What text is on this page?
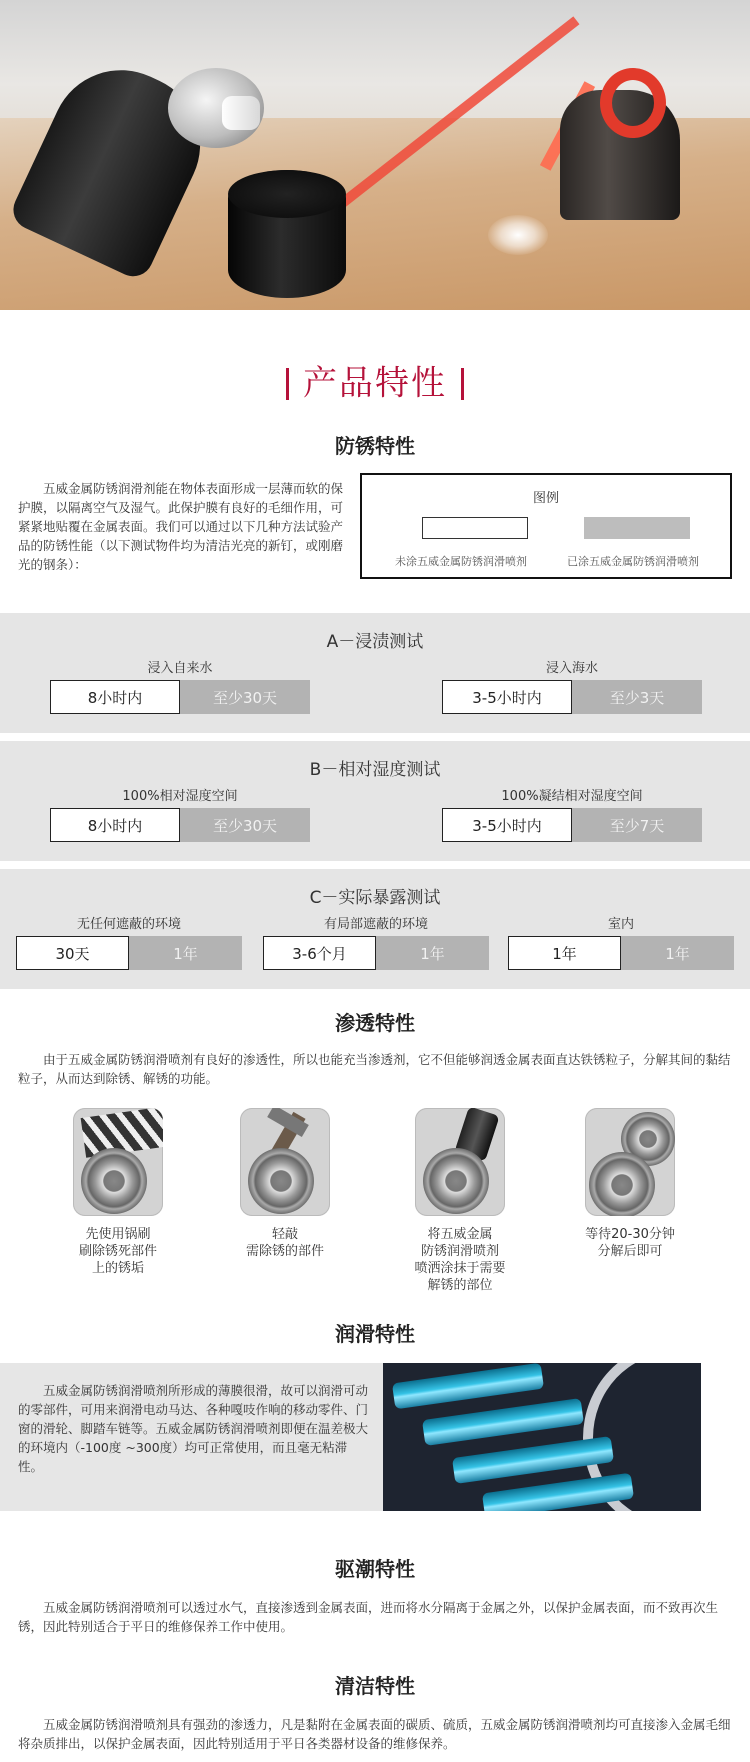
产品特性
防锈特性

五威金属防锈润滑剂能在物体表面形成一层薄而软的保护膜，以隔离空气及湿气。此保护膜有良好的毛细作用，可紧紧地贴覆在金属表面。我们可以通过以下几种方法试验产品的防锈性能（以下测试物件均为清洁光亮的新钉，或刚磨光的钢条）：

图例
未涂五威金属防锈润滑喷剂	已涂五威金属防锈润滑喷剂
A－浸渍测试
浸入自来水
8小时内	至少30天
浸入海水
3-5小时内	至少3天
B－相对湿度测试
100%相对湿度空间
8小时内	至少30天
100%凝结相对湿度空间
3-5小时内	至少7天
C－实际暴露测试
无任何遮蔽的环境
30天	1年
有局部遮蔽的环境
3-6个月	1年
室内
1年	1年
渗透特性

由于五威金属防锈润滑喷剂有良好的渗透性，所以也能充当渗透剂，它不但能够润透金属表面直达铁锈粒子，分解其间的黏结粒子，从而达到除锈、解锈的功能。

先使用锅刷
刷除锈死部件
上的锈垢
轻敲
需除锈的部件
将五威金属
防锈润滑喷剂
喷洒涂抹于需要
解锈的部位
等待20-30分钟
分解后即可
润滑特性

五威金属防锈润滑喷剂所形成的薄膜很滑，故可以润滑可动的零部件，可用来润滑电动马达、各种嘎吱作响的移动零件、门窗的滑轮、脚踏车链等。五威金属防锈润滑喷剂即便在温差极大的环境内（-100度 ~300度）均可正常使用，而且毫无粘滞性。

驱潮特性

五威金属防锈润滑喷剂可以透过水气，直接渗透到金属表面，进而将水分隔离于金属之外，以保护金属表面，而不致再次生锈，因此特别适合于平日的维修保养工作中使用。

清洁特性

五威金属防锈润滑喷剂具有强劲的渗透力，凡是黏附在金属表面的碳质、硫质，五威金属防锈润滑喷剂均可直接渗入金属毛细将杂质排出，以保护金属表面，因此特别适用于平日各类器材设备的维修保养。
